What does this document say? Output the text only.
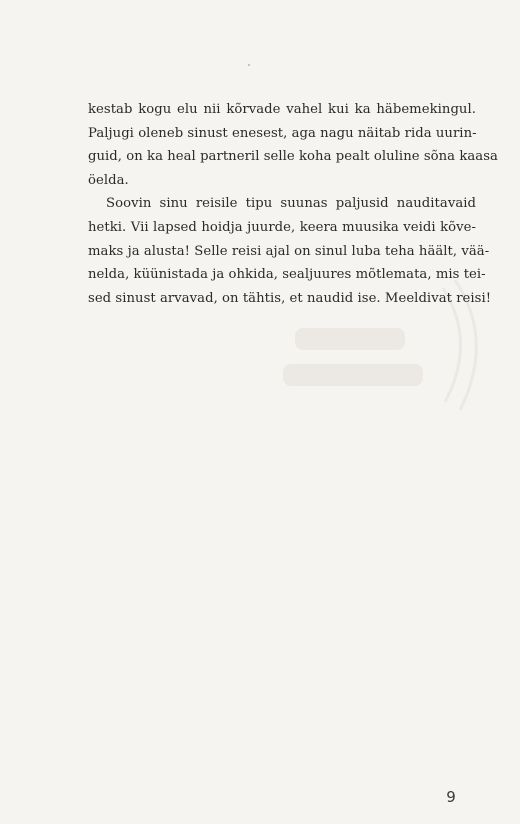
kestab kogu elu nii kõrvade vahel kui ka häbemekingul.
Paljugi oleneb sinust enesest, aga nagu näitab rida uurin-
guid, on ka heal partneril selle koha pealt oluline sõna kaasa
öelda.

Soovin sinu reisile tipu suunas paljusid nauditavaid
hetki. Vii lapsed hoidja juurde, keera muusika veidi kõve-
maks ja alusta! Selle reisi ajal on sinul luba teha häält, vää-
nelda, küünistada ja ohkida, sealjuures mõtlemata, mis tei-
sed sinust arvavad, on tähtis, et naudid ise. Meeldivat reisi!

9
